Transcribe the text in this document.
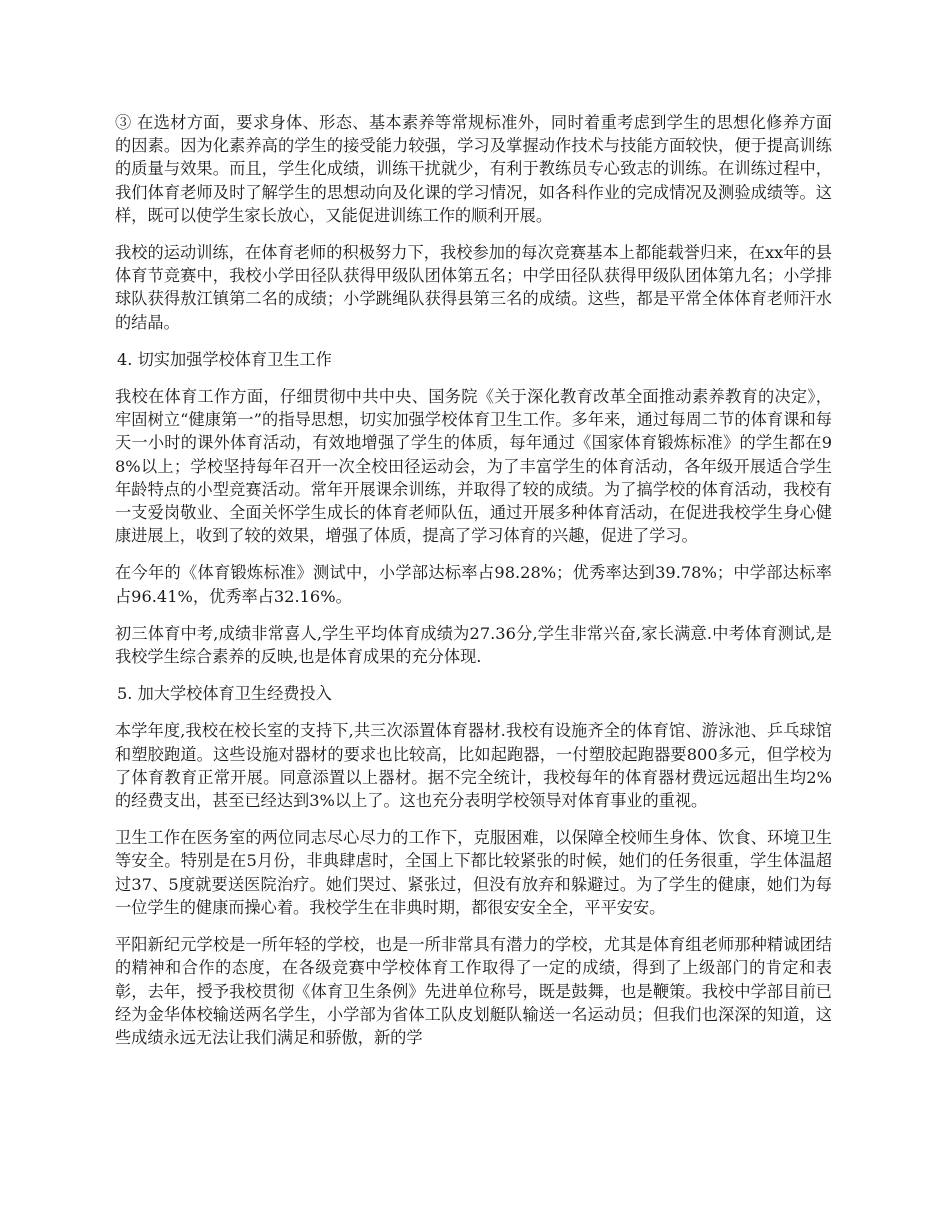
③ 在选材方面，要求身体、形态、基本素养等常规标准外，同时着重考虑到学生的思想化修养方面的因素。因为化素养高的学生的接受能力较强，学习及掌握动作技术与技能方面较快，便于提高训练的质量与效果。而且，学生化成绩，训练干扰就少，有利于教练员专心致志的训练。在训练过程中，我们体育老师及时了解学生的思想动向及化课的学习情况，如各科作业的完成情况及测验成绩等。这样，既可以使学生家长放心，又能促进训练工作的顺利开展。

我校的运动训练，在体育老师的积极努力下，我校参加的每次竞赛基本上都能载誉归来，在xx年的县体育节竞赛中，我校小学田径队获得甲级队团体第五名；中学田径队获得甲级队团体第九名；小学排球队获得敖江镇第二名的成绩；小学跳绳队获得县第三名的成绩。这些，都是平常全体体育老师汗水的结晶。

4. 切实加强学校体育卫生工作

我校在体育工作方面，仔细贯彻中共中央、国务院《关于深化教育改革全面推动素养教育的决定》，牢固树立“健康第一”的指导思想，切实加强学校体育卫生工作。多年来，通过每周二节的体育课和每天一小时的课外体育活动，有效地增强了学生的体质，每年通过《国家体育锻炼标准》的学生都在98%以上；学校坚持每年召开一次全校田径运动会，为了丰富学生的体育活动，各年级开展适合学生年龄特点的小型竞赛活动。常年开展课余训练，并取得了较的成绩。为了搞学校的体育活动，我校有一支爱岗敬业、全面关怀学生成长的体育老师队伍，通过开展多种体育活动，在促进我校学生身心健康进展上，收到了较的效果，增强了体质，提高了学习体育的兴趣，促进了学习。

在今年的《体育锻炼标准》测试中，小学部达标率占98.28%；优秀率达到39.78%；中学部达标率占96.41%，优秀率占32.16%。

初三体育中考,成绩非常喜人,学生平均体育成绩为27.36分,学生非常兴奋,家长满意.中考体育测试,是我校学生综合素养的反映,也是体育成果的充分体现.

5. 加大学校体育卫生经费投入

本学年度,我校在校长室的支持下,共三次添置体育器材.我校有设施齐全的体育馆、游泳池、乒乓球馆和塑胶跑道。这些设施对器材的要求也比较高，比如起跑器，一付塑胶起跑器要800多元，但学校为了体育教育正常开展。同意添置以上器材。据不完全统计，我校每年的体育器材费远远超出生均2%的经费支出，甚至已经达到3%以上了。这也充分表明学校领导对体育事业的重视。

卫生工作在医务室的两位同志尽心尽力的工作下，克服困难，以保障全校师生身体、饮食、环境卫生等安全。特别是在5月份，非典肆虐时，全国上下都比较紧张的时候，她们的任务很重，学生体温超过37、5度就要送医院治疗。她们哭过、紧张过，但没有放弃和躲避过。为了学生的健康，她们为每一位学生的健康而操心着。我校学生在非典时期，都很安安全全，平平安安。

平阳新纪元学校是一所年轻的学校，也是一所非常具有潜力的学校，尤其是体育组老师那种精诚团结的精神和合作的态度，在各级竞赛中学校体育工作取得了一定的成绩，得到了上级部门的肯定和表彰，去年，授予我校贯彻《体育卫生条例》先进单位称号，既是鼓舞，也是鞭策。我校中学部目前已经为金华体校输送两名学生，小学部为省体工队皮划艇队输送一名运动员；但我们也深深的知道，这些成绩永远无法让我们满足和骄傲，新的学
